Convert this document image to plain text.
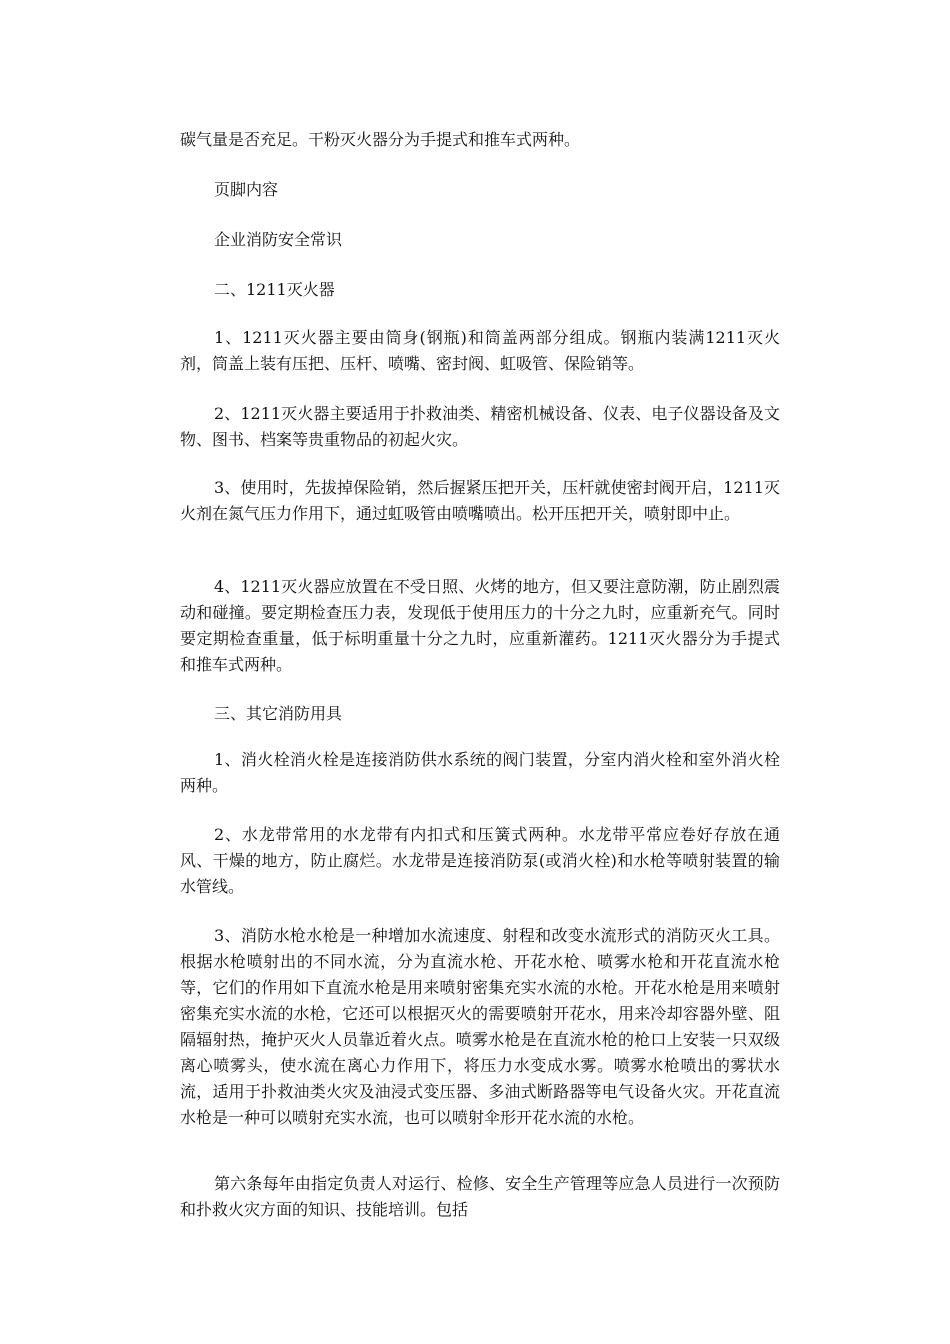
碳气量是否充足。干粉灭火器分为手提式和推车式两种。

页脚内容

企业消防安全常识

二、1211灭火器

1、1211灭火器主要由筒身(钢瓶)和筒盖两部分组成。钢瓶内装满1211灭火剂，筒盖上装有压把、压杆、喷嘴、密封阀、虹吸管、保险销等。

2、1211灭火器主要适用于扑救油类、精密机械设备、仪表、电子仪器设备及文物、图书、档案等贵重物品的初起火灾。

3、使用时，先拔掉保险销，然后握紧压把开关，压杆就使密封阀开启，1211灭火剂在氮气压力作用下，通过虹吸管由喷嘴喷出。松开压把开关，喷射即中止。

4、1211灭火器应放置在不受日照、火烤的地方，但又要注意防潮，防止剧烈震动和碰撞。要定期检查压力表，发现低于使用压力的十分之九时，应重新充气。同时要定期检查重量，低于标明重量十分之九时，应重新灌药。1211灭火器分为手提式和推车式两种。

三、其它消防用具

1、消火栓消火栓是连接消防供水系统的阀门装置，分室内消火栓和室外消火栓两种。

2、水龙带常用的水龙带有内扣式和压簧式两种。水龙带平常应卷好存放在通风、干燥的地方，防止腐烂。水龙带是连接消防泵(或消火栓)和水枪等喷射装置的输水管线。

3、消防水枪水枪是一种增加水流速度、射程和改变水流形式的消防灭火工具。根据水枪喷射出的不同水流，分为直流水枪、开花水枪、喷雾水枪和开花直流水枪等，它们的作用如下直流水枪是用来喷射密集充实水流的水枪。开花水枪是用来喷射密集充实水流的水枪，它还可以根据灭火的需要喷射开花水，用来冷却容器外壁、阻隔辐射热，掩护灭火人员靠近着火点。喷雾水枪是在直流水枪的枪口上安装一只双级离心喷雾头，使水流在离心力作用下，将压力水变成水雾。喷雾水枪喷出的雾状水流，适用于扑救油类火灾及油浸式变压器、多油式断路器等电气设备火灾。开花直流水枪是一种可以喷射充实水流，也可以喷射伞形开花水流的水枪。

第六条每年由指定负责人对运行、检修、安全生产管理等应急人员进行一次预防和扑救火灾方面的知识、技能培训。包括
